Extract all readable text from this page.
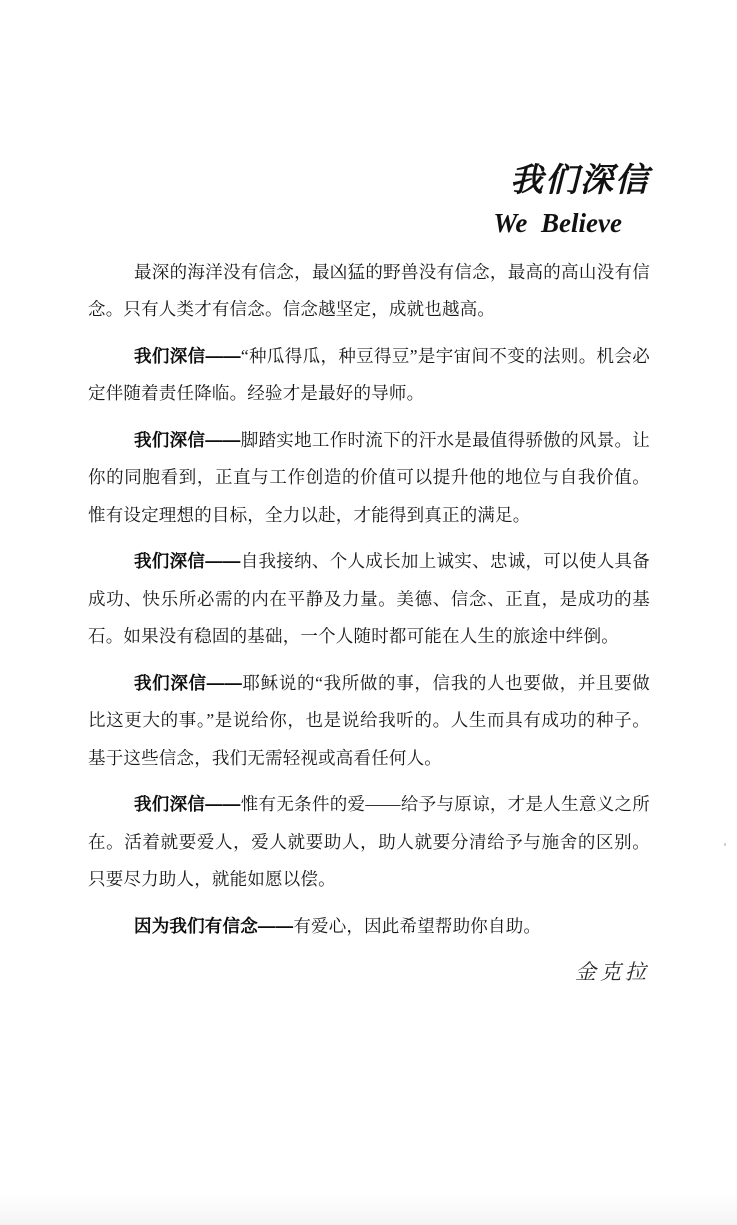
我们深信
We Believe

最深的海洋没有信念，最凶猛的野兽没有信念，最高的高山没有信念。只有人类才有信念。信念越坚定，成就也越高。

我们深信——“种瓜得瓜，种豆得豆”是宇宙间不变的法则。机会必定伴随着责任降临。经验才是最好的导师。

我们深信——脚踏实地工作时流下的汗水是最值得骄傲的风景。让你的同胞看到，正直与工作创造的价值可以提升他的地位与自我价值。惟有设定理想的目标，全力以赴，才能得到真正的满足。

我们深信——自我接纳、个人成长加上诚实、忠诚，可以使人具备成功、快乐所必需的内在平静及力量。美德、信念、正直，是成功的基石。如果没有稳固的基础，一个人随时都可能在人生的旅途中绊倒。

我们深信——耶稣说的“我所做的事，信我的人也要做，并且要做比这更大的事。”是说给你，也是说给我听的。人生而具有成功的种子。基于这些信念，我们无需轻视或高看任何人。

我们深信——惟有无条件的爱——给予与原谅，才是人生意义之所在。活着就要爱人，爱人就要助人，助人就要分清给予与施舍的区别。只要尽力助人，就能如愿以偿。

因为我们有信念——有爱心，因此希望帮助你自助。

金克拉
